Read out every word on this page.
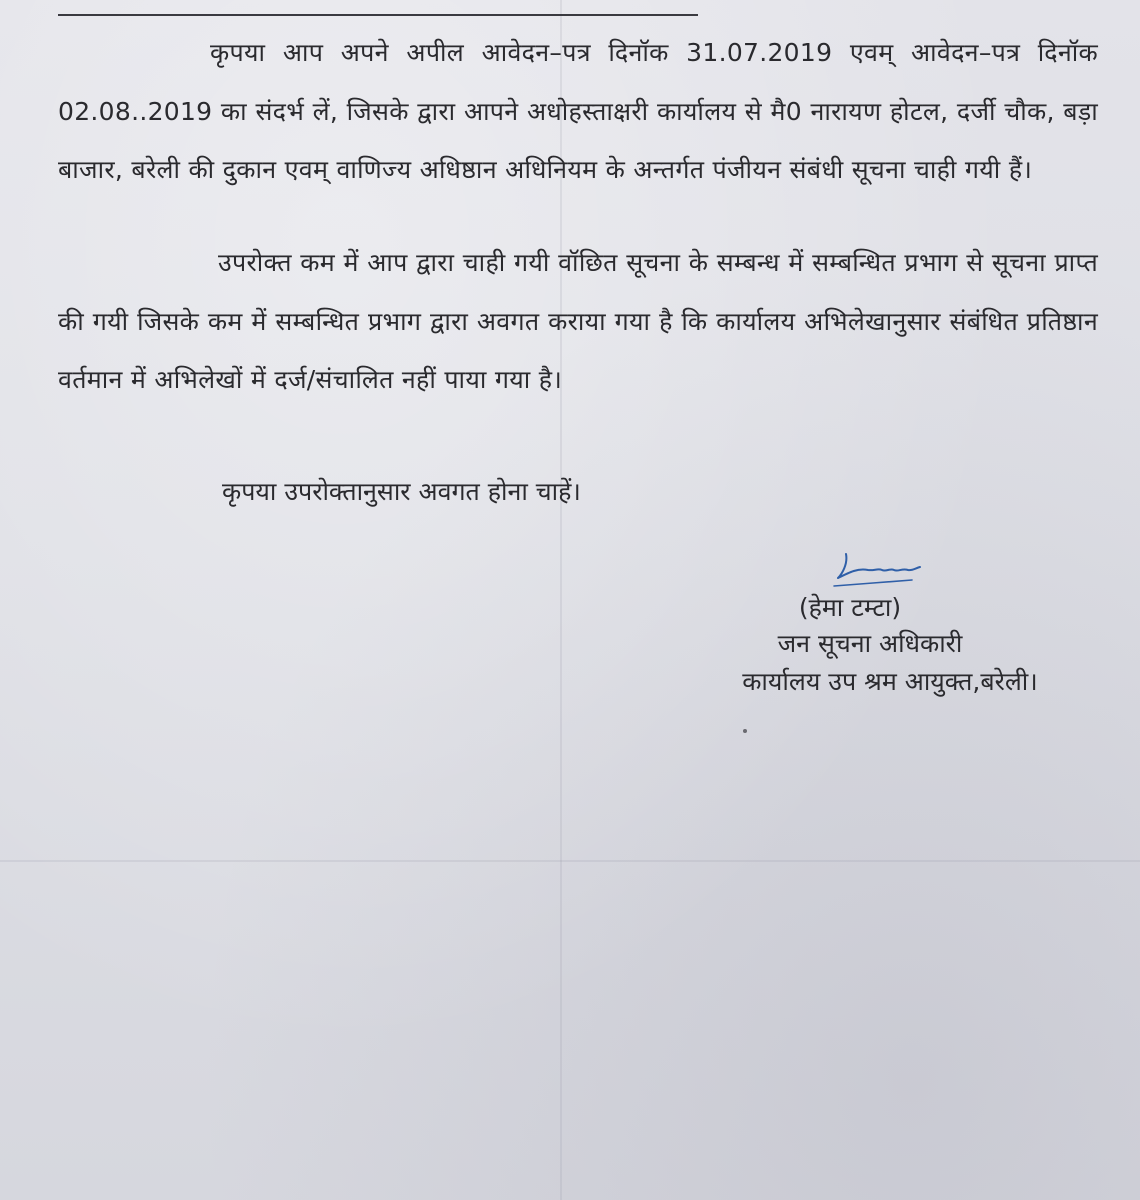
कृपया आप अपने अपील आवेदन–पत्र दिनॉक 31.07.2019 एवम् आवेदन–पत्र दिनॉक 02.08..2019 का संदर्भ लें, जिसके द्वारा आपने अधोहस्ताक्षरी कार्यालय से मै0 नारायण होटल, दर्जी चौक, बड़ा बाजार, बरेली की दुकान एवम् वाणिज्य अधिष्ठान अधिनियम के अन्तर्गत पंजीयन संबंधी सूचना चाही गयी हैं।

उपरोक्त कम में आप द्वारा चाही गयी वॉछित सूचना के सम्बन्ध में सम्बन्धित प्रभाग से सूचना प्राप्त की गयी जिसके कम में सम्बन्धित प्रभाग द्वारा अवगत कराया गया है कि कार्यालय अभिलेखानुसार संबंधित प्रतिष्ठान वर्तमान में अभिलेखों में दर्ज/संचालित नहीं पाया गया है।

कृपया उपरोक्तानुसार अवगत होना चाहें।

(हेमा टम्टा)
जन सूचना अधिकारी
कार्यालय उप श्रम आयुक्त,बरेली।
